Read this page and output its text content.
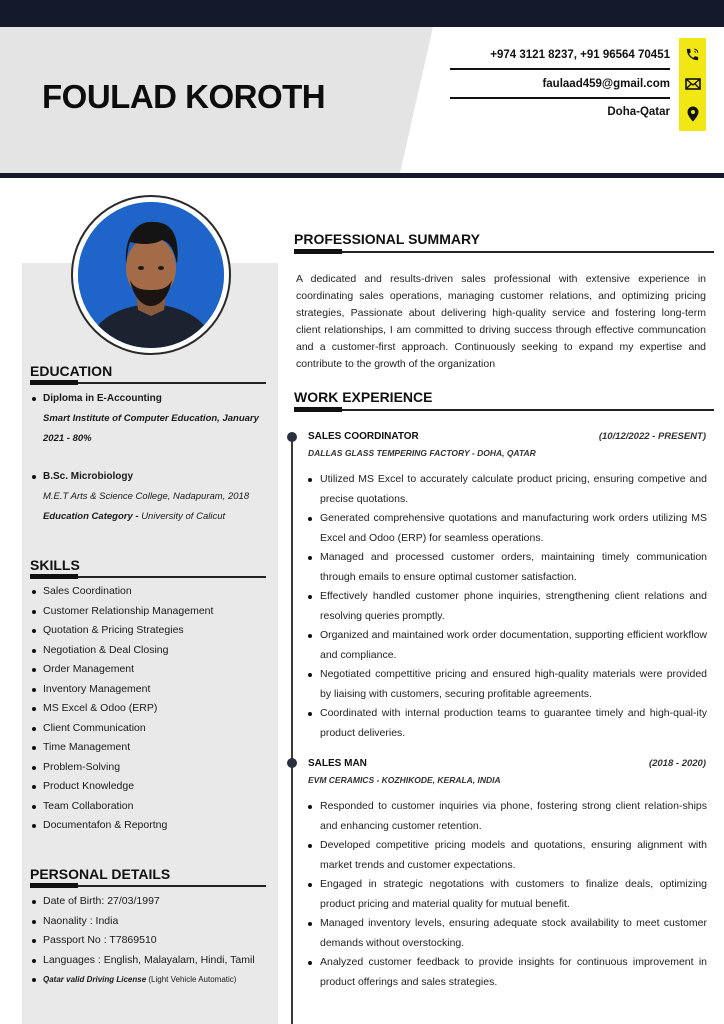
FOULAD KOROTH
+974 3121 8237, +91 96564 70451
faulaad459@gmail.com
Doha-Qatar
EDUCATION
Diploma in E-Accounting
Smart Institute of Computer Education, January
2021 - 80%
B.Sc. Microbiology
M.E.T Arts & Science College, Nadapuram, 2018
Education Category - University of Calicut
SKILLS
Sales Coordination
Customer Relationship Management
Quotation & Pricing Strategies
Negotiation & Deal Closing
Order Management
Inventory Management
MS Excel & Odoo (ERP)
Client Communication
Time Management
Problem-Solving
Product Knowledge
Team Collaboration
Documentafon & Reportng
PERSONAL DETAILS
Date of Birth: 27/03/1997
Naonality : India
Passport No : T7869510
Languages : English, Malayalam, Hindi, Tamil
Qatar valid Driving License (Light Vehicle Automatic)
PROFESSIONAL SUMMARY
A dedicated and results-driven sales professional with extensive experience in coordinating sales operations, managing customer relations, and optimizing pricing strategies, Passionate about delivering high-quality service and fostering long-term client relationships, I am committed to driving success through effective communcation and a customer-first approach. Continuously seeking to expand my expertise and contribute to the growth of the organization
WORK EXPERIENCE
SALES COORDINATOR	(10/12/2022 - PRESENT)
DALLAS GLASS TEMPERING FACTORY - DOHA, QATAR
Utilized MS Excel to accurately calculate product pricing, ensuring competive and precise quotations.
Generated comprehensive quotations and manufacturing work orders utilizing MS Excel and Odoo (ERP) for seamless operations.
Managed and processed customer orders, maintaining timely communication through emails to ensure optimal customer satisfaction.
Effectively handled customer phone inquiries, strengthening client relations and resolving queries promptly.
Organized and maintained work order documentation, supporting efficient workflow and compliance.
Negotiated compettitive pricing and ensured high-quality materials were provided by liaising with customers, securing profitable agreements.
Coordinated with internal production teams to guarantee timely and high-qual-ity product deliveries.
SALES MAN	(2018 - 2020)
EVM CERAMICS - KOZHIKODE, KERALA, INDIA
Responded to customer inquiries via phone, fostering strong client relation-ships and enhancing customer retention.
Developed competitive pricing models and quotations, ensuring alignment with market trends and customer expectations.
Engaged in strategic negotations with customers to finalize deals, optimizing product pricing and material quality for mutual benefit.
Managed inventory levels, ensuring adequate stock availability to meet customer demands without overstocking.
Analyzed customer feedback to provide insights for continuous improvement in product offerings and sales strategies.
